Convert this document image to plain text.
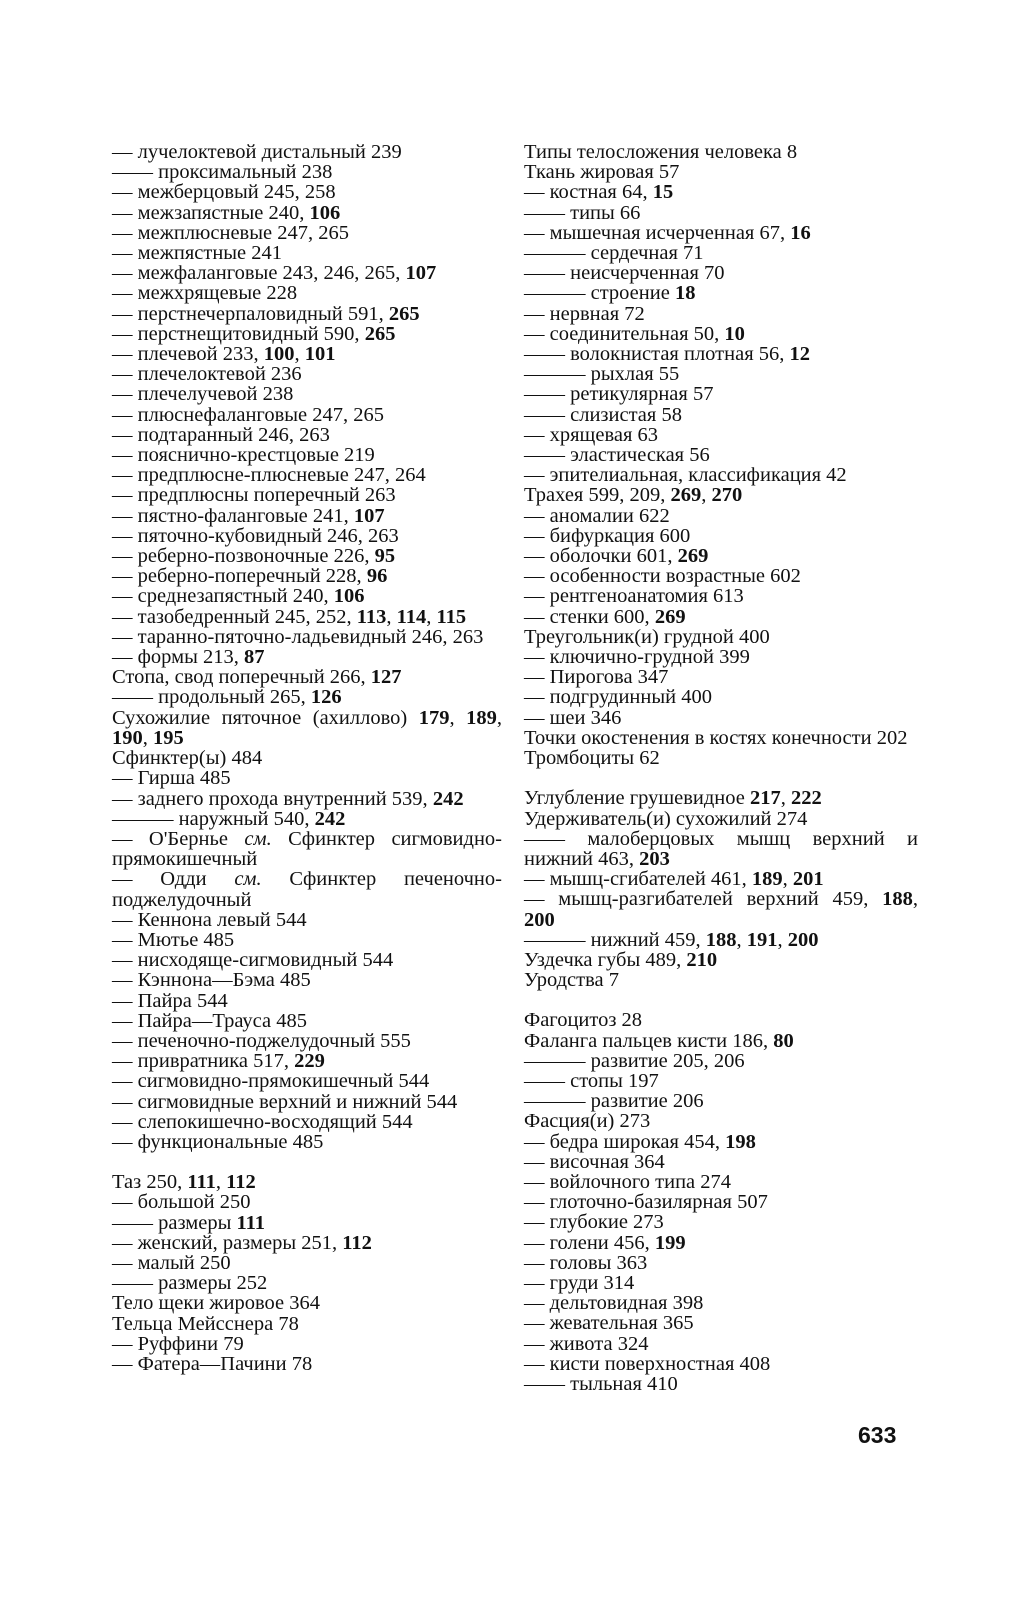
— лучелоктевой дистальный 239
—— проксимальный 238
— межберцовый 245, 258
— межзапястные 240, 106
— межплюсневые 247, 265
— межпястные 241
— межфаланговые 243, 246, 265, 107
— межхрящевые 228
— перстнечерпаловидный 591, 265
— перстнещитовидный 590, 265
— плечевой 233, 100, 101
— плечелоктевой 236
— плечелучевой 238
— плюснефаланговые 247, 265
— подтаранный 246, 263
— пояснично-крестцовые 219
— предплюсне-плюсневые 247, 264
— предплюсны поперечный 263
— пястно-фаланговые 241, 107
— пяточно-кубовидный 246, 263
— реберно-позвоночные 226, 95
— реберно-поперечный 228, 96
— среднезапястный 240, 106
— тазобедренный 245, 252, 113, 114, 115
— таранно-пяточно-ладьевидный 246, 263
— формы 213, 87
Стопа, свод поперечный 266, 127
—— продольный 265, 126
Сухожилие пяточное (ахиллово) 179, 189, 190, 195
Сфинктер(ы) 484
— Гирша 485
— заднего прохода внутренний 539, 242
——— наружный 540, 242
— О'Бернье см. Сфинктер сигмовидно-прямокишечный
— Одди см. Сфинктер печеночно-поджелудочный
— Кеннона левый 544
— Мютье 485
— нисходяще-сигмовидный 544
— Кэннона—Бэма 485
— Пайра 544
— Пайра—Трауса 485
— печеночно-поджелудочный 555
— привратника 517, 229
— сигмовидно-прямокишечный 544
— сигмовидные верхний и нижний 544
— слепокишечно-восходящий 544
— функциональные 485
Таз 250, 111, 112
— большой 250
—— размеры 111
— женский, размеры 251, 112
— малый 250
—— размеры 252
Тело щеки жировое 364
Тельца Мейсснера 78
— Руффини 79
— Фатера—Пачини 78
Типы телосложения человека 8
Ткань жировая 57
— костная 64, 15
—— типы 66
— мышечная исчерченная 67, 16
——— сердечная 71
—— неисчерченная 70
——— строение 18
— нервная 72
— соединительная 50, 10
—— волокнистая плотная 56, 12
——— рыхлая 55
—— ретикулярная 57
—— слизистая 58
— хрящевая 63
—— эластическая 56
— эпителиальная, классификация 42
Трахея 599, 209, 269, 270
— аномалии 622
— бифуркация 600
— оболочки 601, 269
— особенности возрастные 602
— рентгеноанатомия 613
— стенки 600, 269
Треугольник(и) грудной 400
— ключично-грудной 399
— Пирогова 347
— подгрудинный 400
— шеи 346
Точки окостенения в костях конечности 202
Тромбоциты 62
Углубление грушевидное 217, 222
Удерживатель(и) сухожилий 274
—— малоберцовых мышц верхний и нижний 463, 203
— мышц-сгибателей 461, 189, 201
— мышц-разгибателей верхний 459, 188, 200
——— нижний 459, 188, 191, 200
Уздечка губы 489, 210
Уродства 7
Фагоцитоз 28
Фаланга пальцев кисти 186, 80
——— развитие 205, 206
—— стопы 197
——— развитие 206
Фасция(и) 273
— бедра широкая 454, 198
— височная 364
— войлочного типа 274
— глоточно-базилярная 507
— глубокие 273
— голени 456, 199
— головы 363
— груди 314
— дельтовидная 398
— жевательная 365
— живота 324
— кисти поверхностная 408
—— тыльная 410
633
